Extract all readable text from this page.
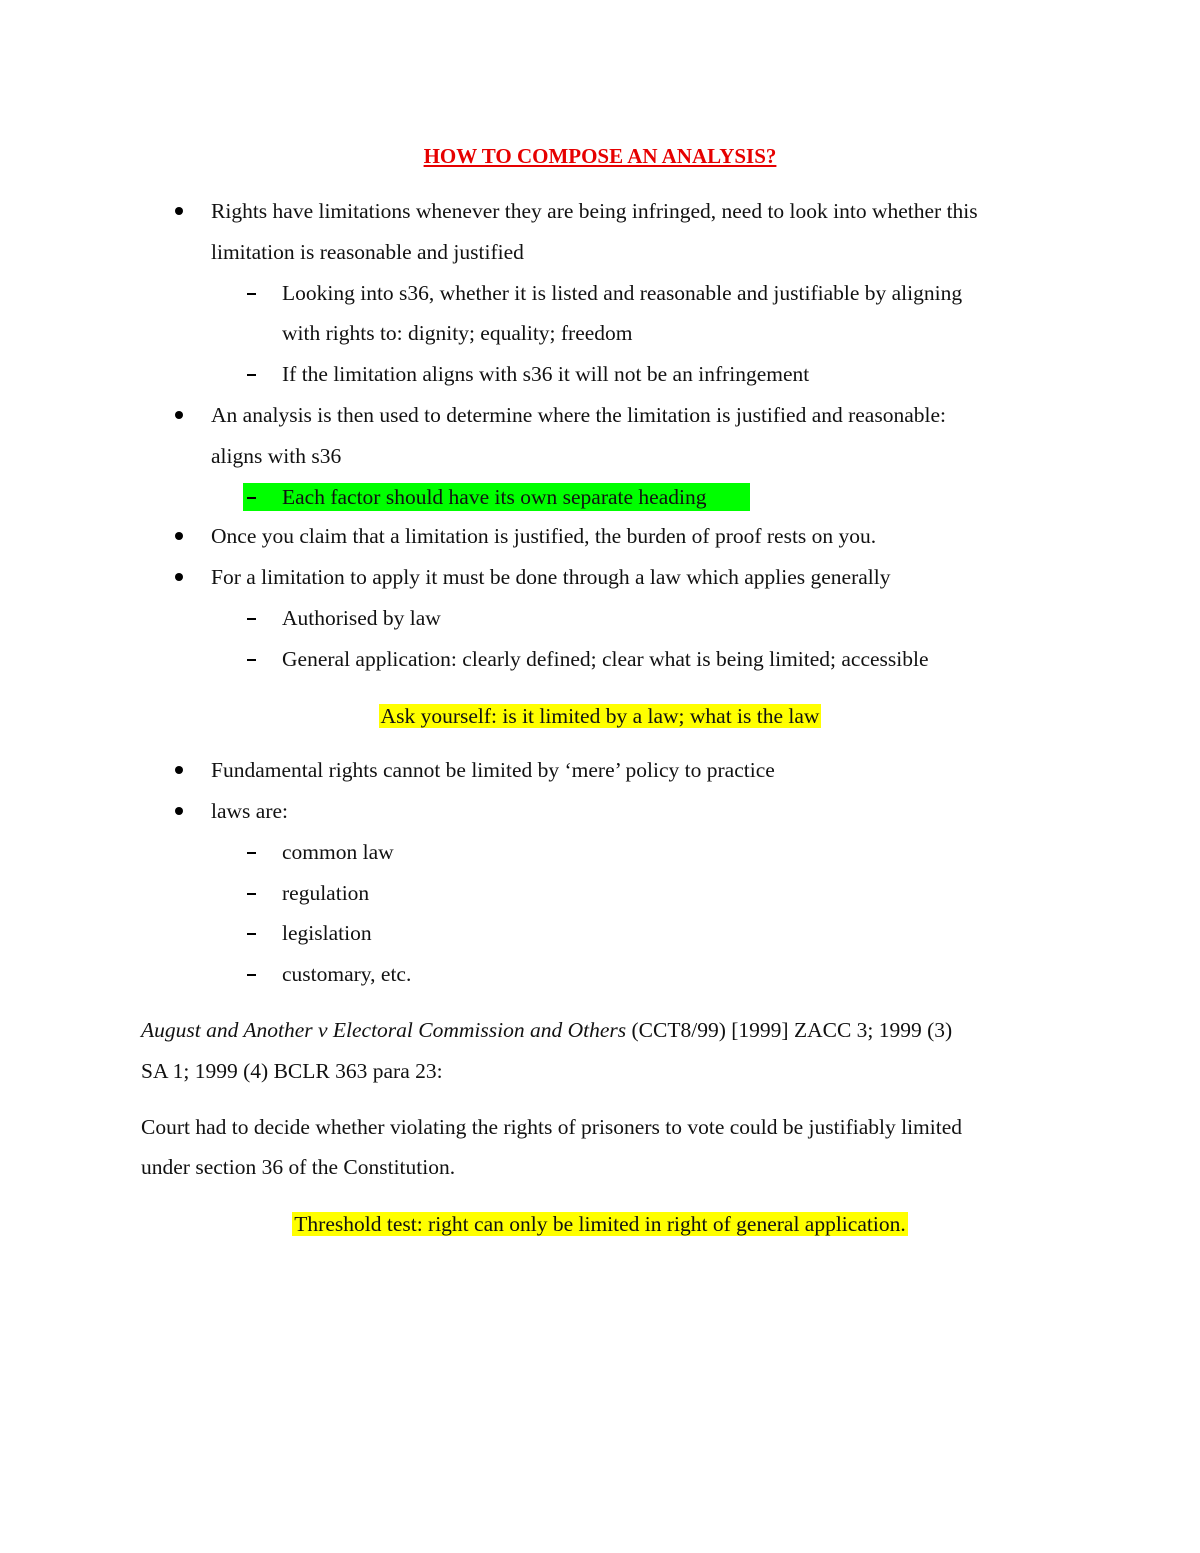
HOW TO COMPOSE AN ANALYSIS?
Rights have limitations whenever they are being infringed, need to look into whether this
limitation is reasonable and justified
Looking into s36, whether it is listed and reasonable and justifiable by aligning
with rights to: dignity; equality; freedom
If the limitation aligns with s36 it will not be an infringement
An analysis is then used to determine where the limitation is justified and reasonable:
aligns with s36
Each factor should have its own separate heading
Once you claim that a limitation is justified, the burden of proof rests on you.
For a limitation to apply it must be done through a law which applies generally
Authorised by law
General application: clearly defined; clear what is being limited; accessible
Ask yourself: is it limited by a law; what is the law
Fundamental rights cannot be limited by ‘mere’ policy to practice
laws are:
common law
regulation
legislation
customary, etc.
August and Another v Electoral Commission and Others (CCT8/99) [1999] ZACC 3; 1999 (3)
SA 1; 1999 (4) BCLR 363 para 23:
Court had to decide whether violating the rights of prisoners to vote could be justifiably limited
under section 36 of the Constitution.
Threshold test: right can only be limited in right of general application.
